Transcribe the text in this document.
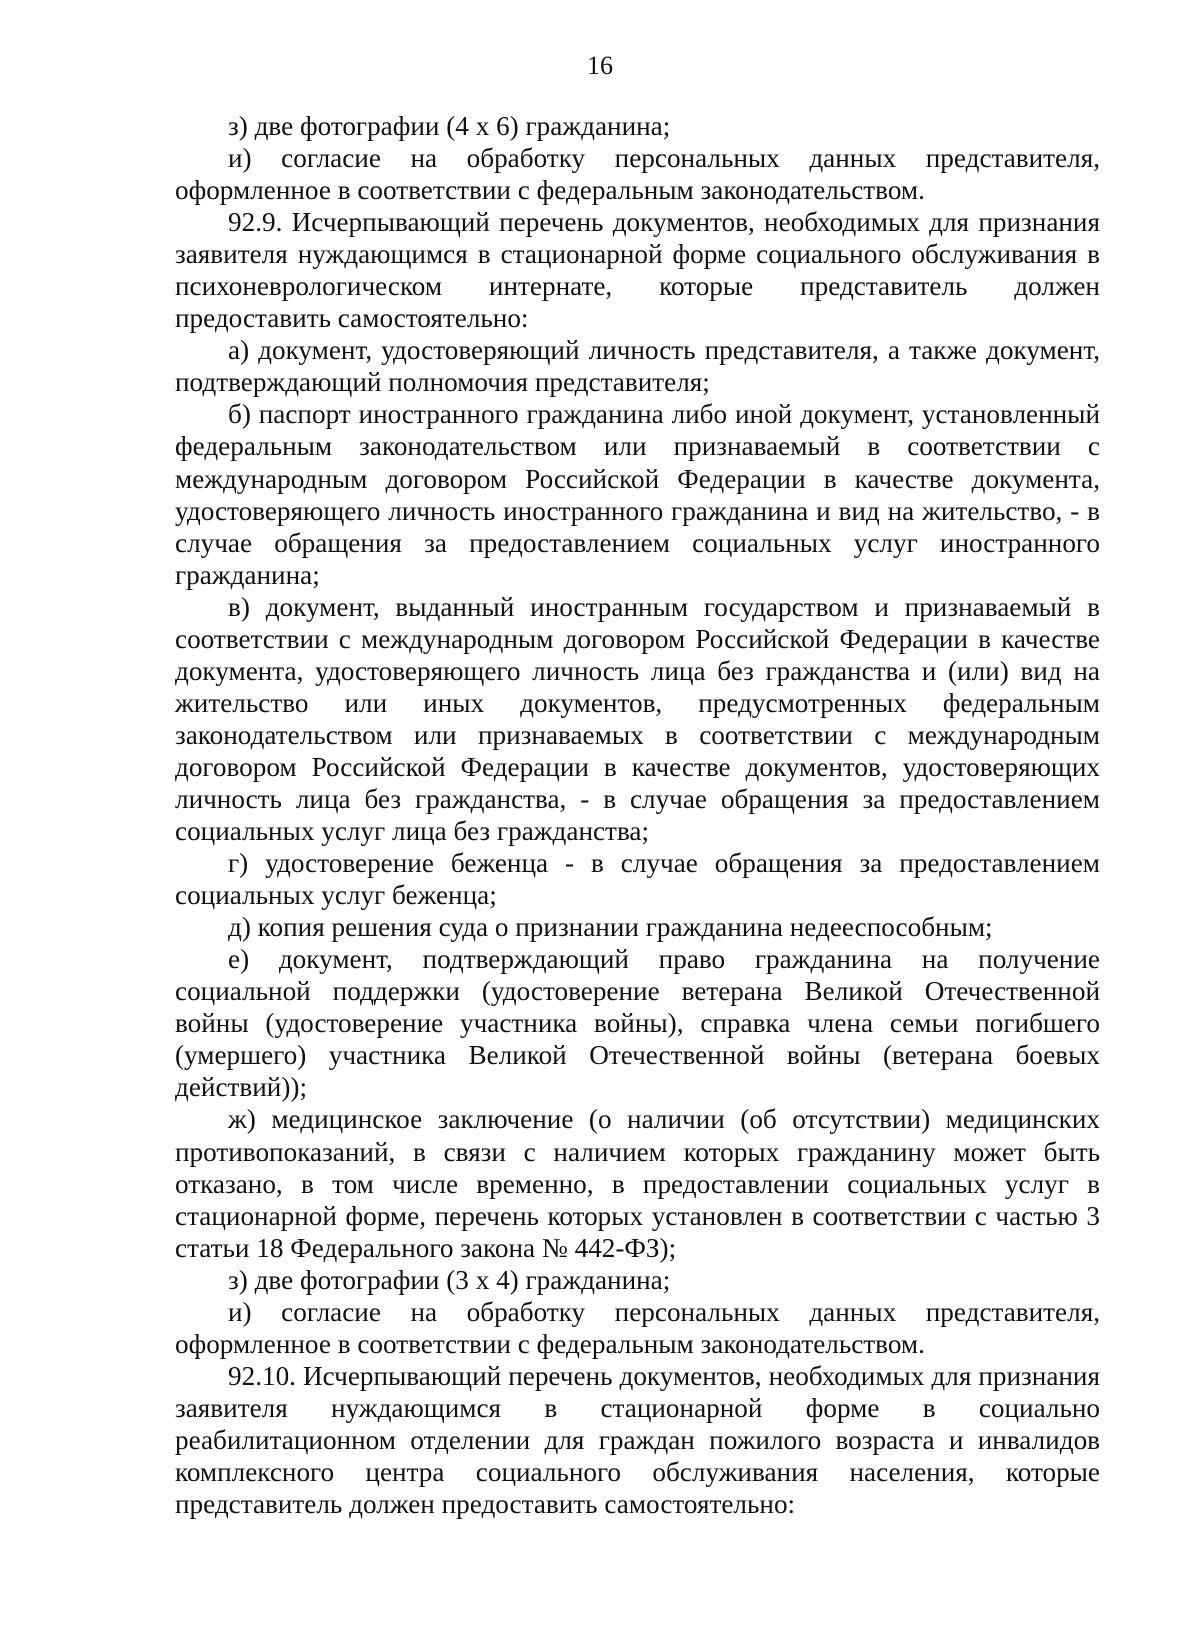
16

з) две фотографии (4 х 6) гражданина;

и) согласие на обработку персональных данных представителя, оформленное в соответствии с федеральным законодательством.

92.9. Исчерпывающий перечень документов, необходимых для признания заявителя нуждающимся в стационарной форме социального обслуживания в психоневрологическом интернате, которые представитель должен предоставить самостоятельно:

а) документ, удостоверяющий личность представителя, а также документ, подтверждающий полномочия представителя;

б) паспорт иностранного гражданина либо иной документ, установленный федеральным законодательством или признаваемый в соответствии с международным договором Российской Федерации в качестве документа, удостоверяющего личность иностранного гражданина и вид на жительство, - в случае обращения за предоставлением социальных услуг иностранного гражданина;

в) документ, выданный иностранным государством и признаваемый в соответствии с международным договором Российской Федерации в качестве документа, удостоверяющего личность лица без гражданства и (или) вид на жительство или иных документов, предусмотренных федеральным законодательством или признаваемых в соответствии с международным договором Российской Федерации в качестве документов, удостоверяющих личность лица без гражданства, - в случае обращения за предоставлением социальных услуг лица без гражданства;

г) удостоверение беженца - в случае обращения за предоставлением социальных услуг беженца;

д) копия решения суда о признании гражданина недееспособным;

е) документ, подтверждающий право гражданина на получение социальной поддержки (удостоверение ветерана Великой Отечественной войны (удостоверение участника войны), справка члена семьи погибшего (умершего) участника Великой Отечественной войны (ветерана боевых действий));

ж) медицинское заключение (о наличии (об отсутствии) медицинских противопоказаний, в связи с наличием которых гражданину может быть отказано, в том числе временно, в предоставлении социальных услуг в стационарной форме, перечень которых установлен в соответствии с частью 3 статьи 18 Федерального закона № 442-ФЗ);

з) две фотографии (3 х 4) гражданина;

и) согласие на обработку персональных данных представителя, оформленное в соответствии с федеральным законодательством.

92.10. Исчерпывающий перечень документов, необходимых для признания заявителя нуждающимся в стационарной форме в социально реабилитационном отделении для граждан пожилого возраста и инвалидов комплексного центра социального обслуживания населения, которые представитель должен предоставить самостоятельно:
